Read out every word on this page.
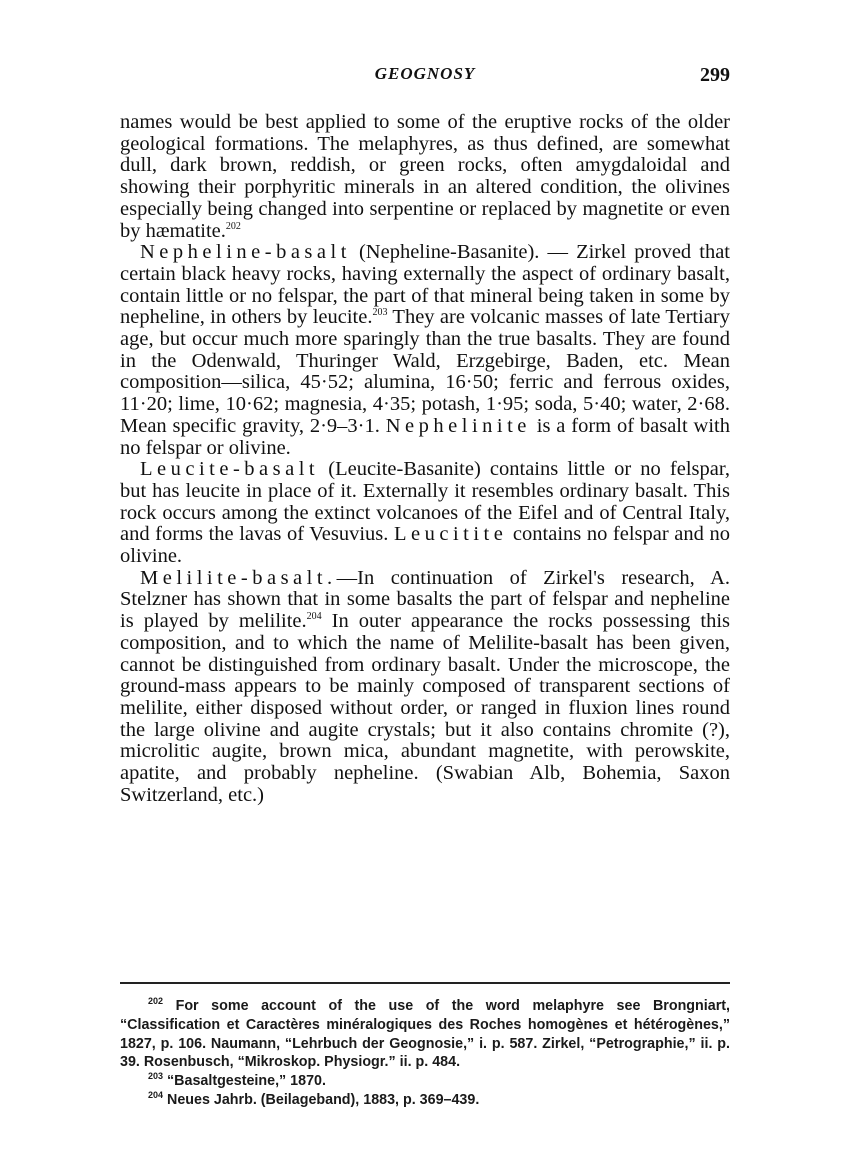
GEOGNOSY	299

names would be best applied to some of the eruptive rocks of the older geological formations. The melaphyres, as thus defined, are somewhat dull, dark brown, reddish, or green rocks, often amygdaloidal and showing their porphyritic minerals in an altered condition, the olivines especially being changed into serpentine or replaced by magnetite or even by hæmatite.$^{202}$

Nepheline-basalt (Nepheline-Basanite). — Zirkel proved that certain black heavy rocks, having externally the aspect of ordinary basalt, contain little or no felspar, the part of that mineral being taken in some by nepheline, in others by leucite.$^{203}$ They are volcanic masses of late Tertiary age, but occur much more sparingly than the true basalts. They are found in the Odenwald, Thuringer Wald, Erzgebirge, Baden, etc. Mean composition—silica, 45·52; alumina, 16·50; ferric and ferrous oxides, 11·20; lime, 10·62; magnesia, 4·35; potash, 1·95; soda, 5·40; water, 2·68. Mean specific gravity, 2·9–3·1. Nephelinite is a form of basalt with no felspar or olivine.

Leucite-basalt (Leucite-Basanite) contains little or no felspar, but has leucite in place of it. Externally it resembles ordinary basalt. This rock occurs among the extinct volcanoes of the Eifel and of Central Italy, and forms the lavas of Vesuvius. Leucitite contains no felspar and no olivine.

Melilite-basalt.—In continuation of Zirkel's research, A. Stelzner has shown that in some basalts the part of felspar and nepheline is played by melilite.$^{204}$ In outer appearance the rocks possessing this composition, and to which the name of Melilite-basalt has been given, cannot be distinguished from ordinary basalt. Under the microscope, the ground-mass appears to be mainly composed of transparent sections of melilite, either disposed without order, or ranged in fluxion lines round the large olivine and augite crystals; but it also contains chromite (?), microlitic augite, brown mica, abundant magnetite, with perowskite, apatite, and probably nepheline. (Swabian Alb, Bohemia, Saxon Switzerland, etc.)

$^{202}$ For some account of the use of the word melaphyre see Brongniart, “Classification et Caractères minéralogiques des Roches homogènes et hétérogènes,” 1827, p. 106. Naumann, “Lehrbuch der Geognosie,” i. p. 587. Zirkel, “Petrographie,” ii. p. 39. Rosenbusch, “Mikroskop. Physiogr.” ii. p. 484.

$^{203}$ “Basaltgesteine,” 1870.

$^{204}$ Neues Jahrb. (Beilageband), 1883, p. 369–439.
